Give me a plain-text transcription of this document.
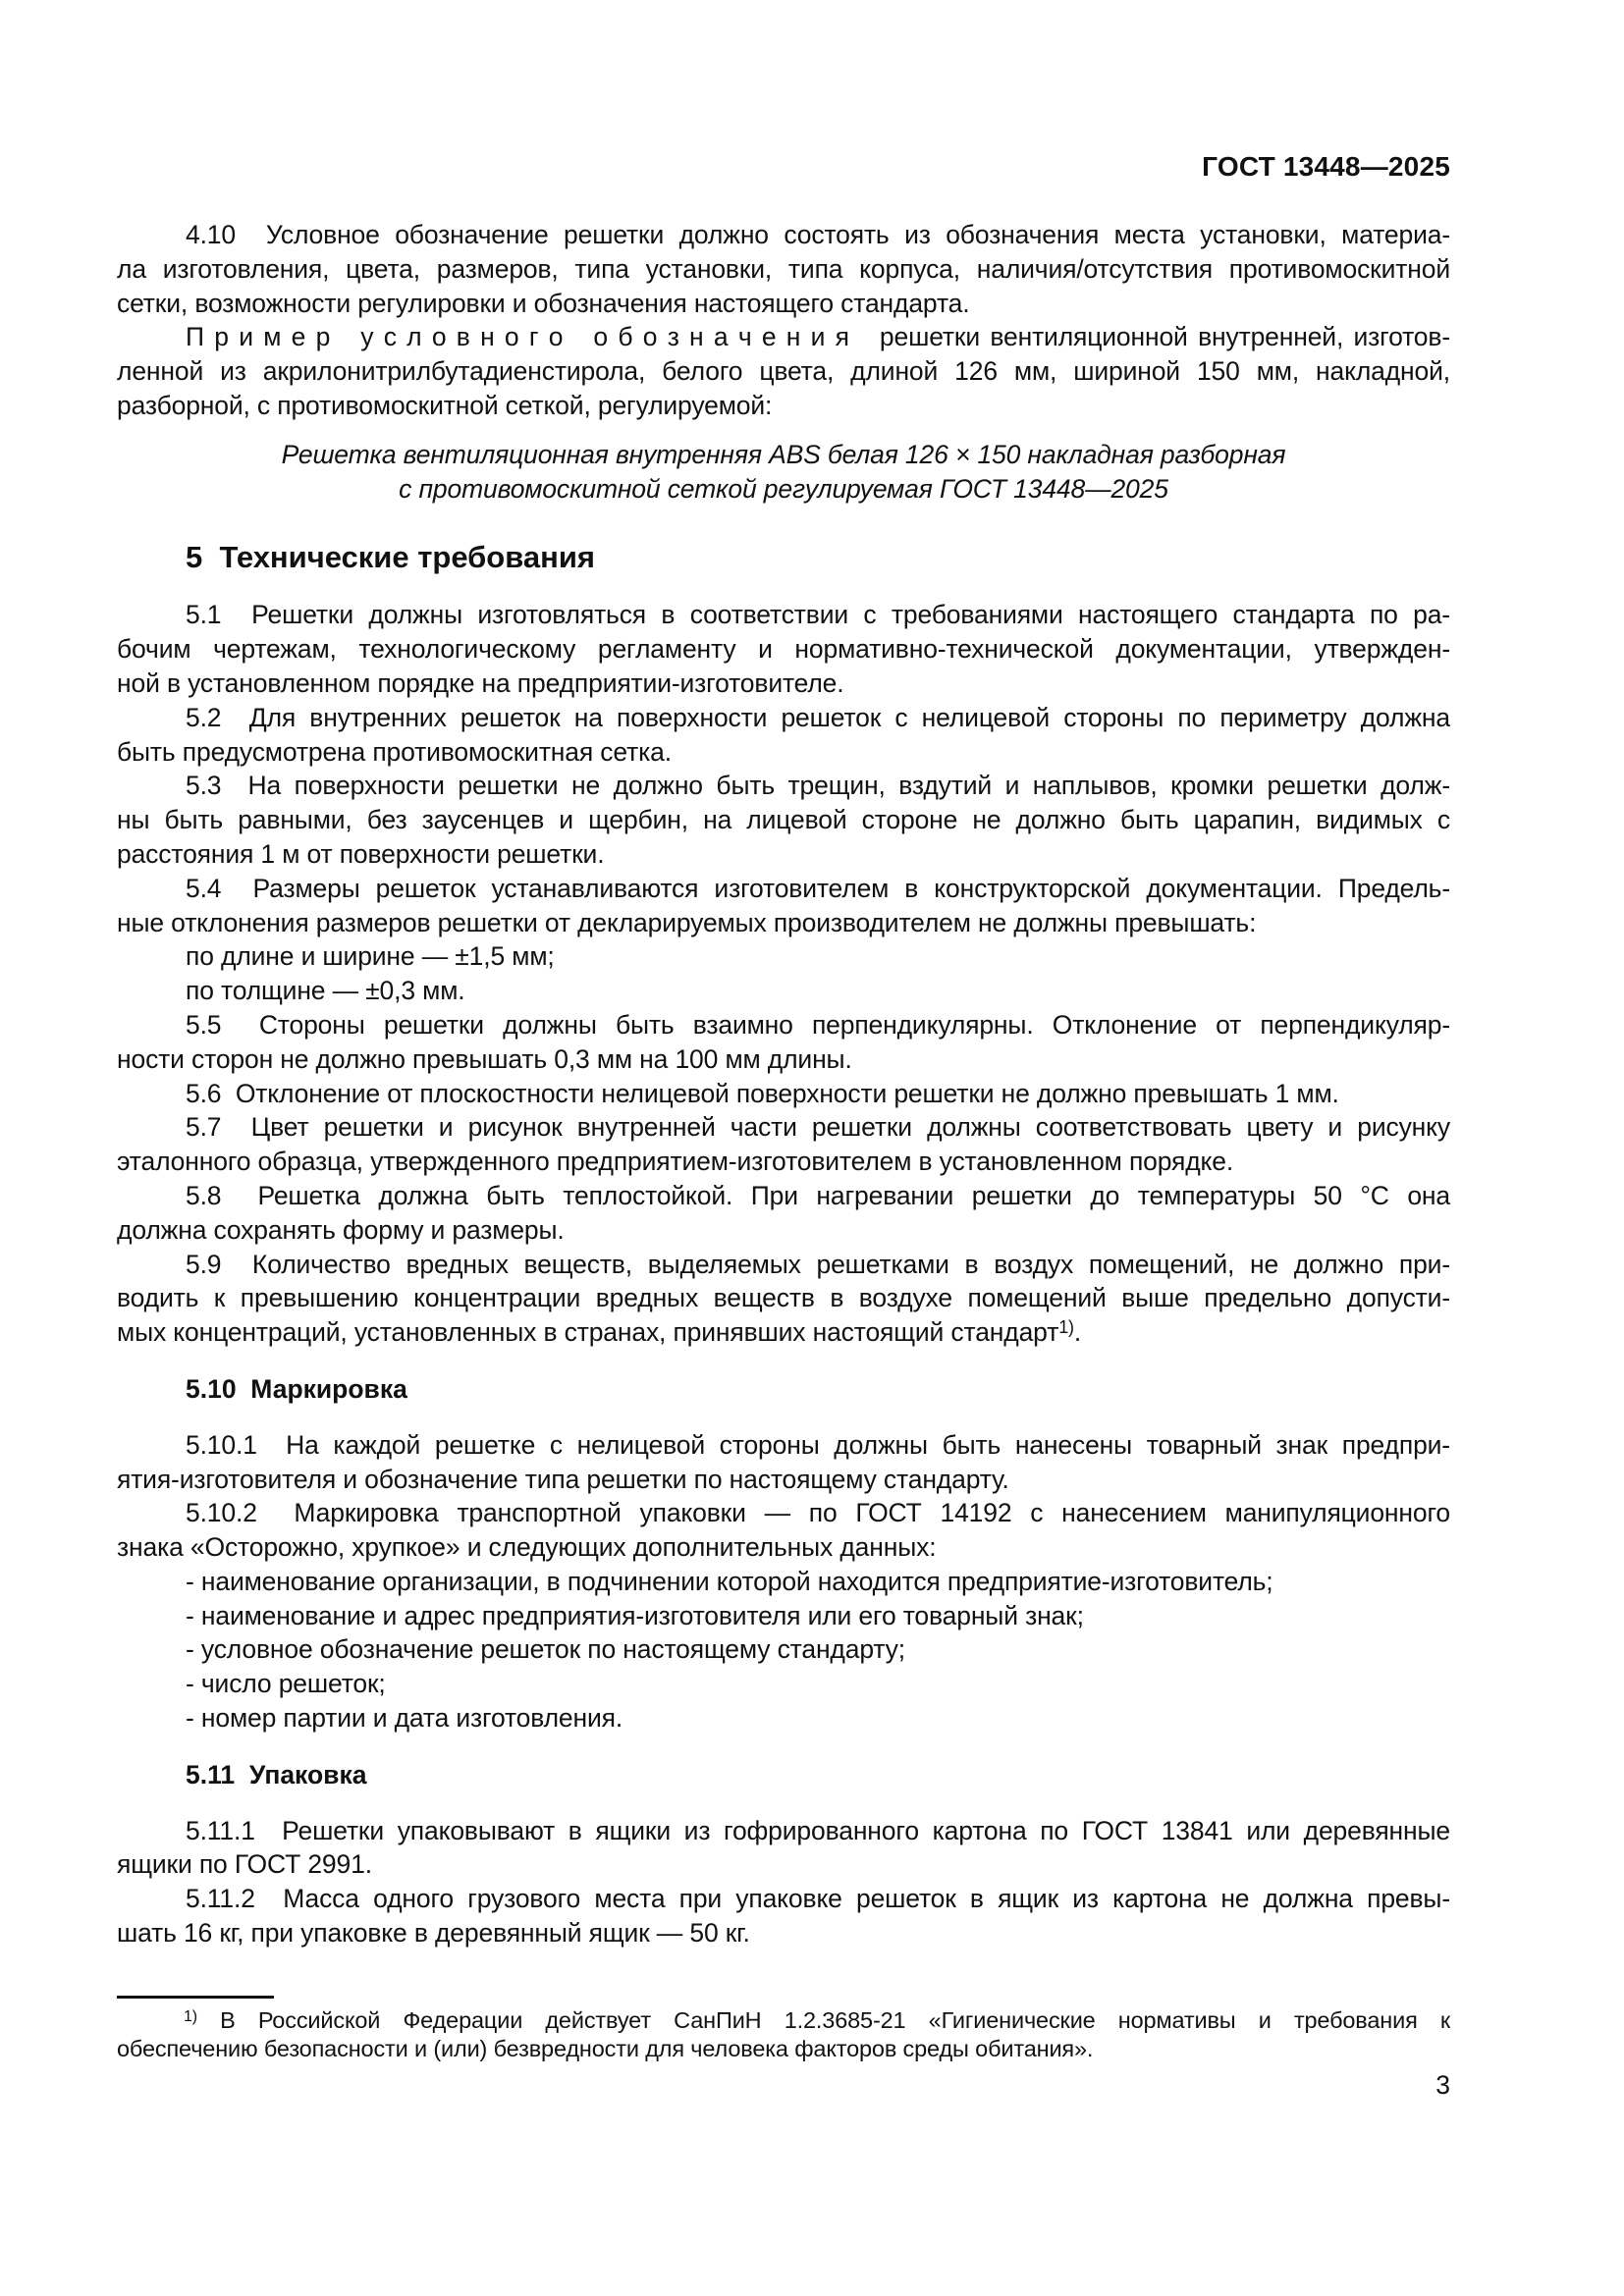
ГОСТ 13448—2025
4.10  Условное обозначение решетки должно состоять из обозначения места установки, материа-
ла изготовления, цвета, размеров, типа установки, типа корпуса, наличия/отсутствия противомоскитной
сетки, возможности регулировки и обозначения настоящего стандарта.
П р и м е р   у с л о в н о г о   о б о з н а ч е н и я   решетки вентиляционной внутренней, изготов-
ленной из акрилонитрилбутадиенстирола, белого цвета, длиной 126 мм, шириной 150 мм, накладной,
разборной, с противомоскитной сеткой, регулируемой:
Решетка вентиляционная внутренняя ABS белая 126 × 150 накладная разборная
с противомоскитной сеткой регулируемая ГОСТ 13448—2025
5  Технические требования
5.1  Решетки должны изготовляться в соответствии с требованиями настоящего стандарта по ра-
бочим чертежам, технологическому регламенту и нормативно-технической документации, утвержден-
ной в установленном порядке на предприятии-изготовителе.
5.2  Для внутренних решеток на поверхности решеток с нелицевой стороны по периметру должна
быть предусмотрена противомоскитная сетка.
5.3  На поверхности решетки не должно быть трещин, вздутий и наплывов, кромки решетки долж-
ны быть равными, без заусенцев и щербин, на лицевой стороне не должно быть царапин, видимых с
расстояния 1 м от поверхности решетки.
5.4  Размеры решеток устанавливаются изготовителем в конструкторской документации. Предель-
ные отклонения размеров решетки от декларируемых производителем не должны превышать:
по длине и ширине — ±1,5 мм;
по толщине — ±0,3 мм.
5.5  Стороны решетки должны быть взаимно перпендикулярны. Отклонение от перпендикуляр-
ности сторон не должно превышать 0,3 мм на 100 мм длины.
5.6  Отклонение от плоскостности нелицевой поверхности решетки не должно превышать 1 мм.
5.7  Цвет решетки и рисунок внутренней части решетки должны соответствовать цвету и рисунку
эталонного образца, утвержденного предприятием-изготовителем в установленном порядке.
5.8  Решетка должна быть теплостойкой. При нагревании решетки до температуры 50 °С она
должна сохранять форму и размеры.
5.9  Количество вредных веществ, выделяемых решетками в воздух помещений, не должно при-
водить к превышению концентрации вредных веществ в воздухе помещений выше предельно допусти-
мых концентраций, установленных в странах, принявших настоящий стандарт$^{1)}$.
5.10  Маркировка
5.10.1  На каждой решетке с нелицевой стороны должны быть нанесены товарный знак предпри-
ятия-изготовителя и обозначение типа решетки по настоящему стандарту.
5.10.2  Маркировка транспортной упаковки — по ГОСТ 14192 с нанесением манипуляционного
знака «Осторожно, хрупкое» и следующих дополнительных данных:
- наименование организации, в подчинении которой находится предприятие-изготовитель;
- наименование и адрес предприятия-изготовителя или его товарный знак;
- условное обозначение решеток по настоящему стандарту;
- число решеток;
- номер партии и дата изготовления.
5.11  Упаковка
5.11.1  Решетки упаковывают в ящики из гофрированного картона по ГОСТ 13841 или деревянные
ящики по ГОСТ 2991.
5.11.2  Масса одного грузового места при упаковке решеток в ящик из картона не должна превы-
шать 16 кг, при упаковке в деревянный ящик — 50 кг.
$^{1)}$ В Российской Федерации действует СанПиН 1.2.3685-21 «Гигиенические нормативы и требования к
обеспечению безопасности и (или) безвредности для человека факторов среды обитания».
3
